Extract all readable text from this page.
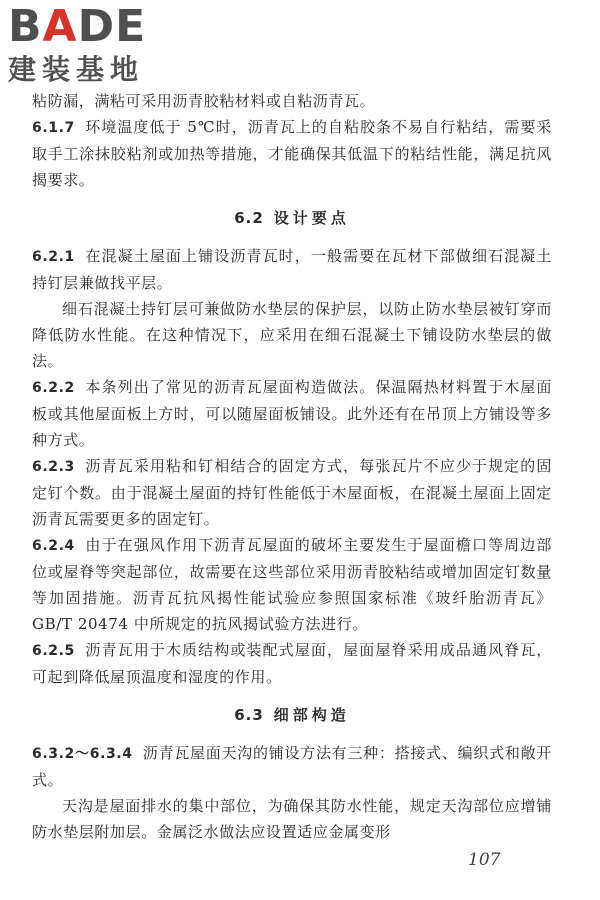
BADE
建装基地

粘防漏，满粘可采用沥青胶粘材料或自粘沥青瓦。

6.1.7 环境温度低于 5℃时，沥青瓦上的自粘胶条不易自行粘结，需要采取手工涂抹胶粘剂或加热等措施，才能确保其低温下的粘结性能，满足抗风揭要求。

6.2 设计要点

6.2.1 在混凝土屋面上铺设沥青瓦时，一般需要在瓦材下部做细石混凝土持钉层兼做找平层。

细石混凝土持钉层可兼做防水垫层的保护层，以防止防水垫层被钉穿而降低防水性能。在这种情况下，应采用在细石混凝土下铺设防水垫层的做法。

6.2.2 本条列出了常见的沥青瓦屋面构造做法。保温隔热材料置于木屋面板或其他屋面板上方时，可以随屋面板铺设。此外还有在吊顶上方铺设等多种方式。

6.2.3 沥青瓦采用粘和钉相结合的固定方式，每张瓦片不应少于规定的固定钉个数。由于混凝土屋面的持钉性能低于木屋面板，在混凝土屋面上固定沥青瓦需要更多的固定钉。

6.2.4 由于在强风作用下沥青瓦屋面的破坏主要发生于屋面檐口等周边部位或屋脊等突起部位，故需要在这些部位采用沥青胶粘结或增加固定钉数量等加固措施。沥青瓦抗风揭性能试验应参照国家标准《玻纤胎沥青瓦》GB/T 20474 中所规定的抗风揭试验方法进行。

6.2.5 沥青瓦用于木质结构或装配式屋面，屋面屋脊采用成品通风脊瓦，可起到降低屋顶温度和湿度的作用。

6.3 细部构造

6.3.2～6.3.4 沥青瓦屋面天沟的铺设方法有三种：搭接式、编织式和敞开式。

天沟是屋面排水的集中部位，为确保其防水性能，规定天沟部位应增铺防水垫层附加层。金属泛水做法应设置适应金属变形

107
